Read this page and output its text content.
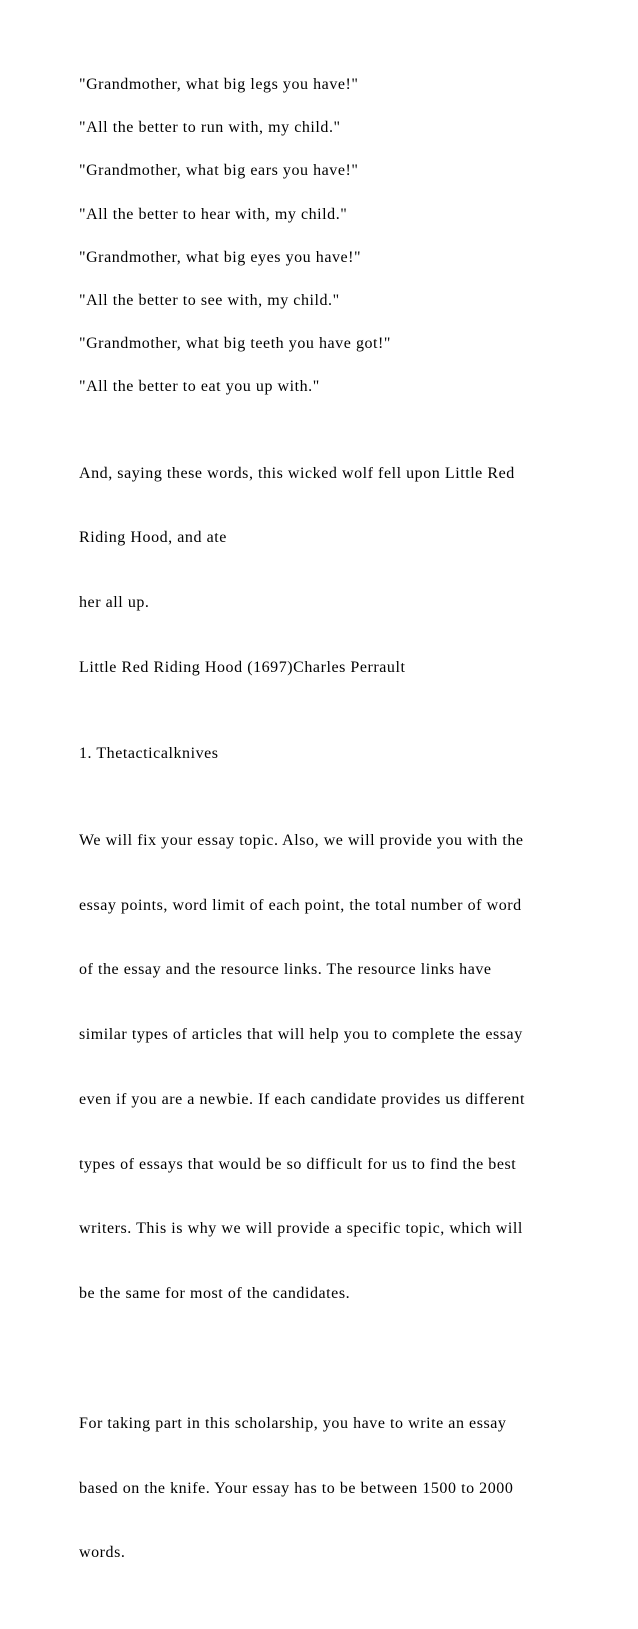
"Grandmother, what big legs you have!"

"All the better to run with, my child."

"Grandmother, what big ears you have!"

"All the better to hear with, my child."

"Grandmother, what big eyes you have!"

"All the better to see with, my child."

"Grandmother, what big teeth you have got!"

"All the better to eat you up with."

And, saying these words, this wicked wolf fell upon Little Red

Riding Hood, and ate

her all up.

Little Red Riding Hood (1697)Charles Perrault

1. Thetacticalknives

We will fix your essay topic. Also, we will provide you with the

essay points, word limit of each point, the total number of word

of the essay and the resource links. The resource links have

similar types of articles that will help you to complete the essay

even if you are a newbie. If each candidate provides us different

types of essays that would be so difficult for us to find the best

writers. This is why we will provide a specific topic, which will

be the same for most of the candidates.

For taking part in this scholarship, you have to write an essay

based on the knife. Your essay has to be between 1500 to 2000

words.
